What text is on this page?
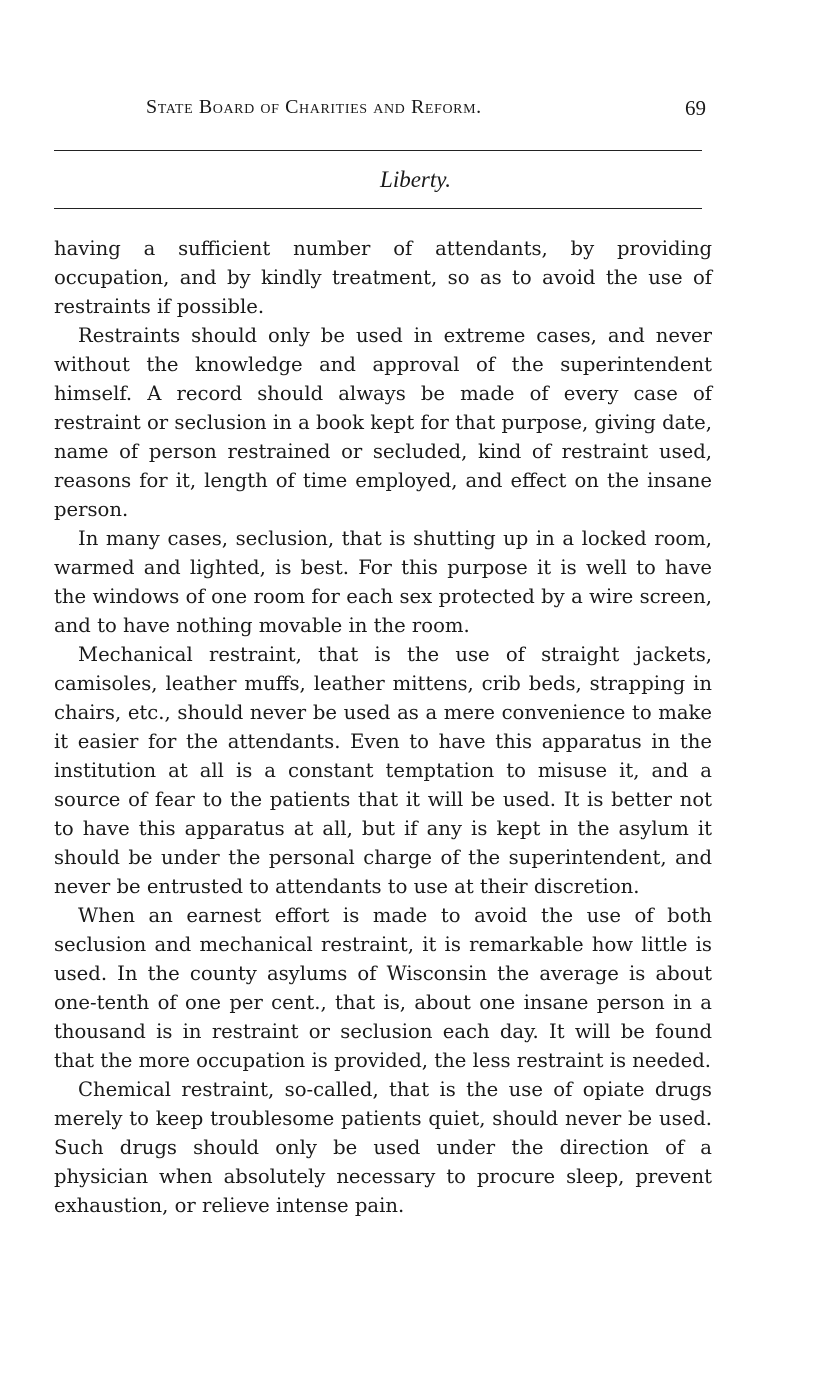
State Board of Charities and Reform.	69
Liberty.

having a sufficient number of attendants, by providing occupation, and by kindly treatment, so as to avoid the use of restraints if possible.

Restraints should only be used in extreme cases, and never without the knowledge and approval of the superintendent himself. A record should always be made of every case of restraint or seclusion in a book kept for that purpose, giving date, name of person restrained or secluded, kind of restraint used, reasons for it, length of time employed, and effect on the insane person.

In many cases, seclusion, that is shutting up in a locked room, warmed and lighted, is best. For this purpose it is well to have the windows of one room for each sex protected by a wire screen, and to have nothing movable in the room.

Mechanical restraint, that is the use of straight jackets, camisoles, leather muffs, leather mittens, crib beds, strapping in chairs, etc., should never be used as a mere convenience to make it easier for the attendants. Even to have this apparatus in the institution at all is a constant temptation to misuse it, and a source of fear to the patients that it will be used. It is better not to have this apparatus at all, but if any is kept in the asylum it should be under the personal charge of the superintendent, and never be entrusted to attendants to use at their discretion.

When an earnest effort is made to avoid the use of both seclusion and mechanical restraint, it is remarkable how little is used. In the county asylums of Wisconsin the average is about one-tenth of one per cent., that is, about one insane person in a thousand is in restraint or seclusion each day. It will be found that the more occupation is provided, the less restraint is needed.

Chemical restraint, so-called, that is the use of opiate drugs merely to keep troublesome patients quiet, should never be used. Such drugs should only be used under the direction of a physician when absolutely necessary to procure sleep, prevent exhaustion, or relieve intense pain.
